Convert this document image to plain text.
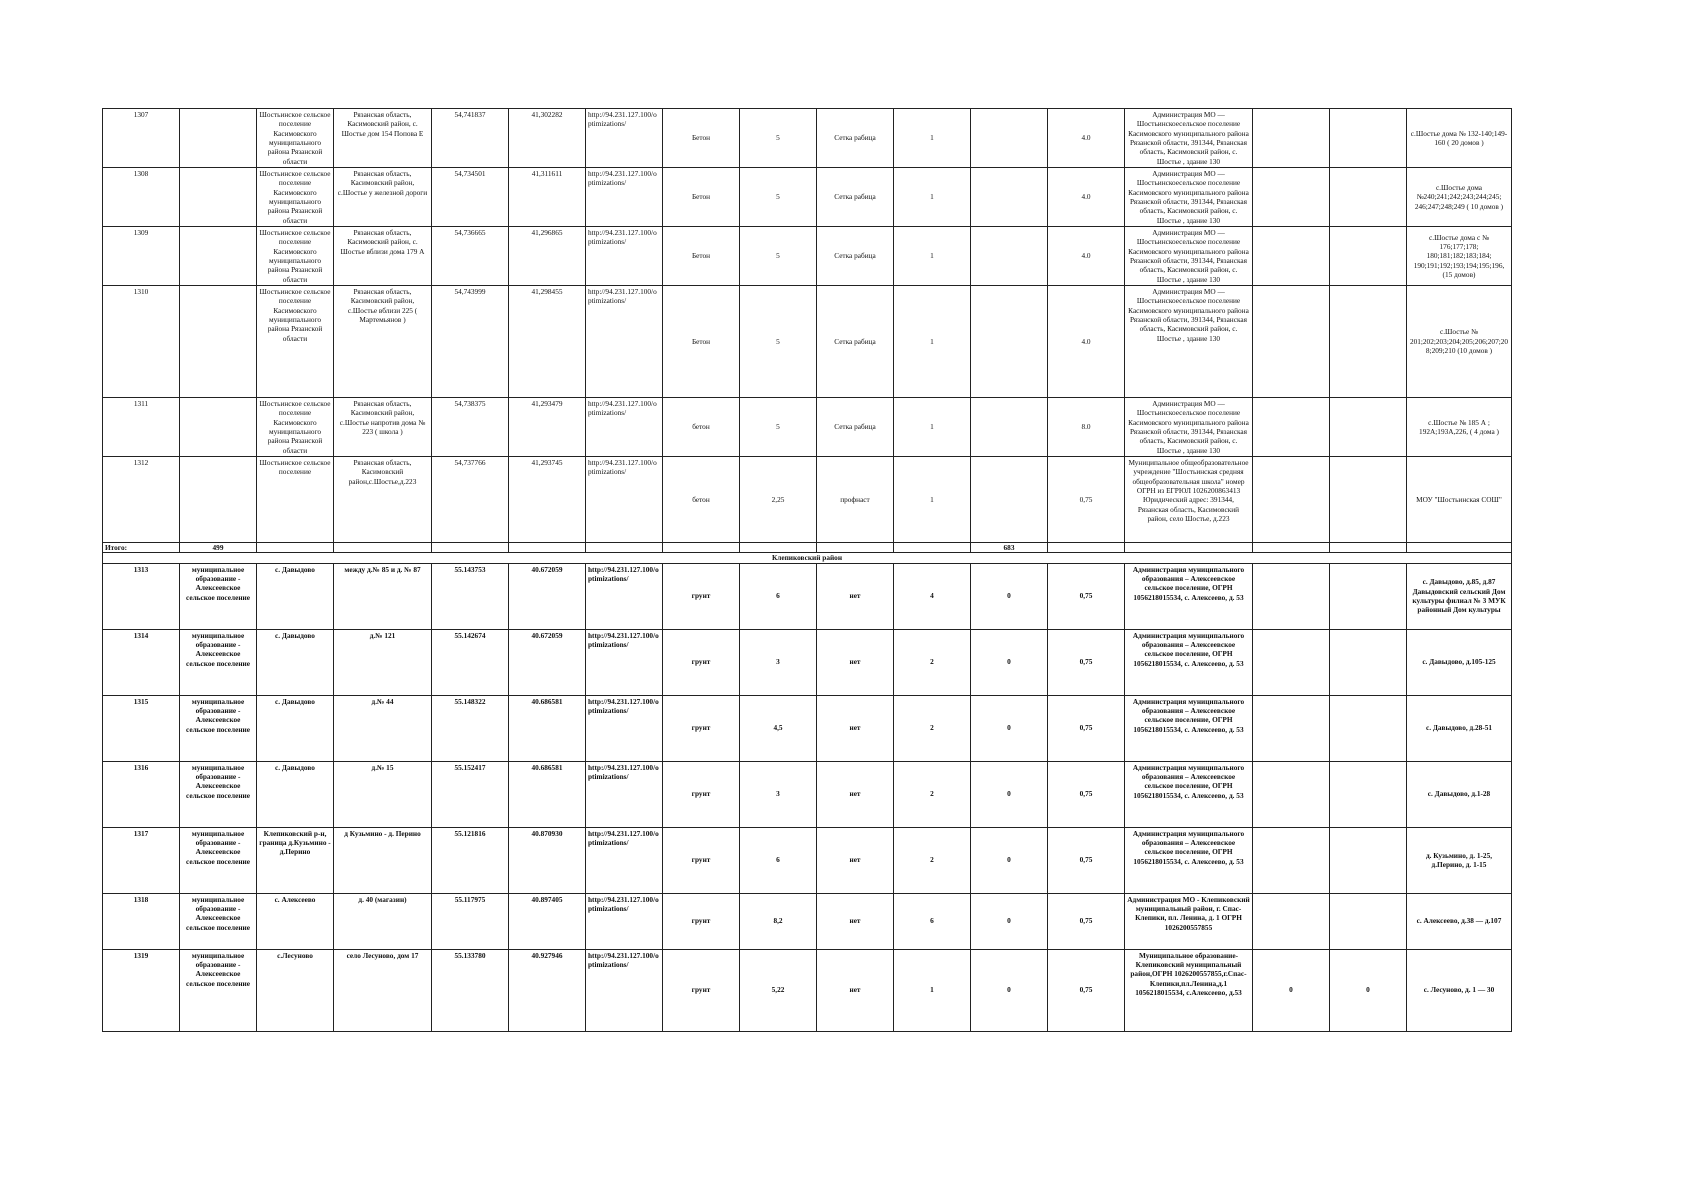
1307		Шостьинское сельское поселение Касимовского муниципального района Рязанской области	Рязанская область, Касимовский район, с. Шостье дом 154 Попова Е	54,741837	41,302282	http://94.231.127.100/optimizations/	Бетон	5	Сетка рабица	1		4.0	Администрация МО — Шостьинскоесельское поселение Касимовского муниципального района Рязанской области, 391344, Рязанская область, Касимовский район, с. Шостье , здание 130			с.Шостье дома № 132-140;149-160 ( 20 домов )
1308		Шостьинское сельское поселение Касимовского муниципального района Рязанской области	Рязанская область, Касимовский район, с.Шостье у железной дороги	54,734501	41,311611	http://94.231.127.100/optimizations/	Бетон	5	Сетка рабица	1		4.0	Администрация МО — Шостьинскоесельское поселение Касимовского муниципального района Рязанской области, 391344, Рязанская область, Касимовский район, с. Шостье , здание 130			с.Шостье дома №240;241;242;243;244;245; 246;247;248;249 ( 10 домов )
1309		Шостьинское сельское поселение Касимовского муниципального района Рязанской области	Рязанская область, Касимовский район, с. Шостье вблизи дома 179 А	54,736665	41,296865	http://94.231.127.100/optimizations/	Бетон	5	Сетка рабица	1		4.0	Администрация МО — Шостьинскоесельское поселение Касимовского муниципального района Рязанской области, 391344, Рязанская область, Касимовский район, с. Шостье , здание 130			с.Шостье дома с № 176;177;178; 180;181;182;183;184; 190;191;192;193;194;195;196, (15 домов)
1310		Шостьинское сельское поселение Касимовского муниципального района Рязанской области	Рязанская область, Касимовский район, с.Шостье вблизи 225 ( Мартемьянов )	54,743999	41,298455	http://94.231.127.100/optimizations/	Бетон	5	Сетка рабица	1		4.0	Администрация МО — Шостьинскоесельское поселение Касимовского муниципального района Рязанской области, 391344, Рязанская область, Касимовский район, с. Шостье , здание 130			с.Шостье № 201;202;203;204;205;206;207;208;209;210 (10 домов )
1311		Шостьинское сельское поселение Касимовского муниципального района Рязанской области	Рязанская область, Касимовский район, с.Шостье напротив дома № 223 ( школа )	54,738375	41,293479	http://94.231.127.100/optimizations/	бетон	5	Сетка рабица	1		8.0	Администрация МО — Шостьинскоесельское поселение Касимовского муниципального района Рязанской области, 391344, Рязанская область, Касимовский район, с. Шостье , здание 130			с.Шостье № 185 А ; 192А;193А,226, ( 4 дома )
1312		Шостьинское сельское поселение	Рязанская область, Касимовский район,с.Шостье,д.223	54,737766	41,293745	http://94.231.127.100/optimizations/	бетон	2,25	профнаст	1		0,75	Муниципальное общеобразовательное учреждение "Шостьинская средняя общеобразовательная школа" номер ОГРН из ЕГРЮЛ 1026200863413 Юридический адрес: 391344, Рязанская область, Касимовский район, село Шостье, д.223			МОУ "Шостьинская СОШ"
Итого:	499										683					
Клепиковский район																
1313	муниципальное образование - Алексеевское сельское поселение	с. Давыдово	между д.№ 85 и д. № 87	55.143753	40.672059	http://94.231.127.100/optimizations/	грунт	6	нет	4	0	0,75	Администрация муниципального образования – Алексеевское сельское поселение, ОГРН 1056218015534, с. Алексеево, д. 53			с. Давыдово, д.85, д.87 Давыдовский сельский Дом культуры филиал № 3 МУК районный Дом культуры
1314	муниципальное образование - Алексеевское сельское поселение	с. Давыдово	д.№ 121	55.142674	40.672059	http://94.231.127.100/optimizations/	грунт	3	нет	2	0	0,75	Администрация муниципального образования – Алексеевское сельское поселение, ОГРН 1056218015534, с. Алексеево, д. 53			с. Давыдово, д.105-125
1315	муниципальное образование - Алексеевское сельское поселение	с. Давыдово	д.№ 44	55.148322	40.686581	http://94.231.127.100/optimizations/	грунт	4,5	нет	2	0	0,75	Администрация муниципального образования – Алексеевское сельское поселение, ОГРН 1056218015534, с. Алексеево, д. 53			с. Давыдово, д.28-51
1316	муниципальное образование - Алексеевское сельское поселение	с. Давыдово	д.№ 15	55.152417	40.686581	http://94.231.127.100/optimizations/	грунт	3	нет	2	0	0,75	Администрация муниципального образования – Алексеевское сельское поселение, ОГРН 1056218015534, с. Алексеево, д. 53			с. Давыдово, д.1-28
1317	муниципальное образование - Алексеевское сельское поселение	Клепиковский р-н, граница д.Кузьмино - д.Перино	д Кузьмино - д. Перино	55.121816	40.870930	http://94.231.127.100/optimizations/	грунт	6	нет	2	0	0,75	Администрация муниципального образования – Алексеевское сельское поселение, ОГРН 1056218015534, с. Алексеево, д. 53			д. Кузьмино, д. 1-25, д.Перино, д. 1-15
1318	муниципальное образование - Алексеевское сельское поселение	с. Алексеево	д. 40 (магазин)	55.117975	40.897405	http://94.231.127.100/optimizations/	грунт	8,2	нет	6	0	0,75	Администрация МО - Клепиковский муниципальный район, г. Спас-Клепики, пл. Ленина, д. 1 ОГРН 1026200557855			с. Алексеево, д.38 — д.107
1319	муниципальное образование - Алексеевское сельское поселение	с.Лесуново	село Лесуново, дом 17	55.133780	40.927946	http://94.231.127.100/optimizations/	грунт	5,22	нет	1	0	0,75	Муниципальное образование-Клепиковский муниципальный район,ОГРН 1026200557855,г.Спас-Клепики,пл.Ленина,д.1 1056218015534, с.Алексеево, д.53	0	0	с. Лесуново, д. 1 — 30
